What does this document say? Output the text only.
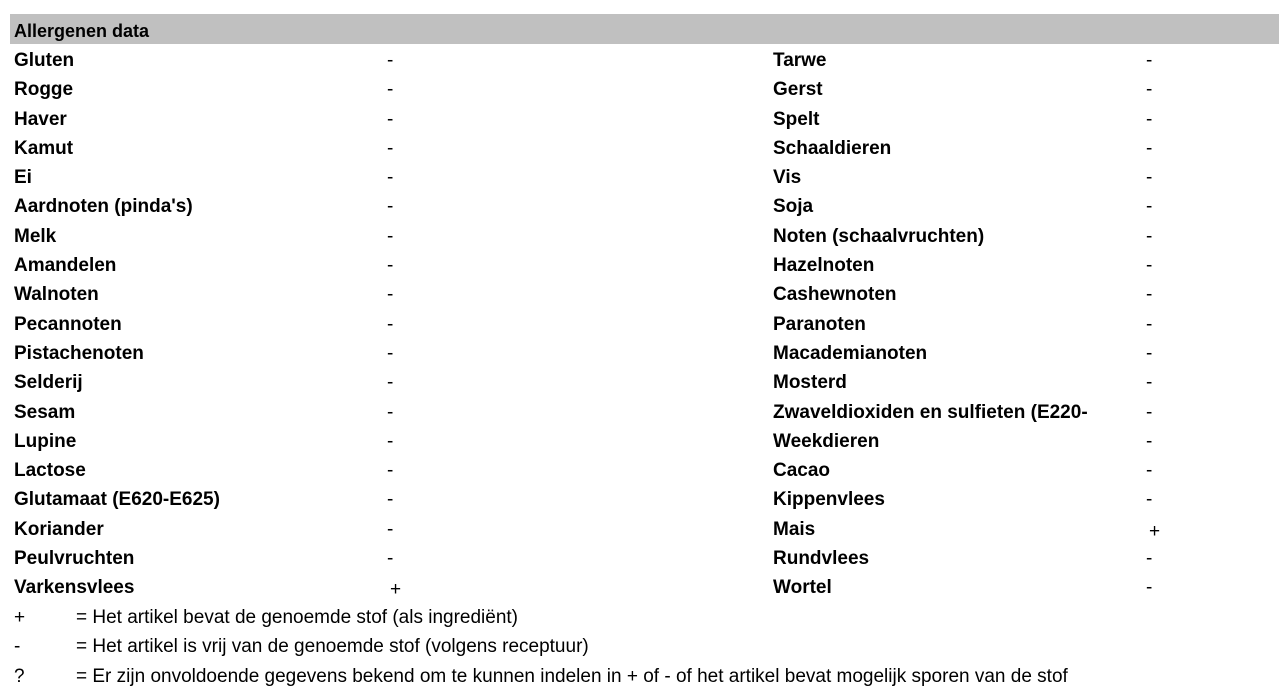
Allergenen data
Gluten	-	Tarwe	-
Rogge	-	Gerst	-
Haver	-	Spelt	-
Kamut	-	Schaaldieren	-
Ei	-	Vis	-
Aardnoten (pinda's)	-	Soja	-
Melk	-	Noten (schaalvruchten)	-
Amandelen	-	Hazelnoten	-
Walnoten	-	Cashewnoten	-
Pecannoten	-	Paranoten	-
Pistachenoten	-	Macademianoten	-
Selderij	-	Mosterd	-
Sesam	-	Zwaveldioxiden en sulfieten (E220-	-
Lupine	-	Weekdieren	-
Lactose	-	Cacao	-
Glutamaat (E620-E625)	-	Kippenvlees	-
Koriander	-	Mais	+
Peulvruchten	-	Rundvlees	-
Varkensvlees	+	Wortel	-
+	= Het artikel bevat de genoemde stof (als ingrediënt)
-	= Het artikel is vrij van de genoemde stof (volgens receptuur)
?	= Er zijn onvoldoende gegevens bekend om te kunnen indelen in + of - of het artikel bevat mogelijk sporen van de stof
